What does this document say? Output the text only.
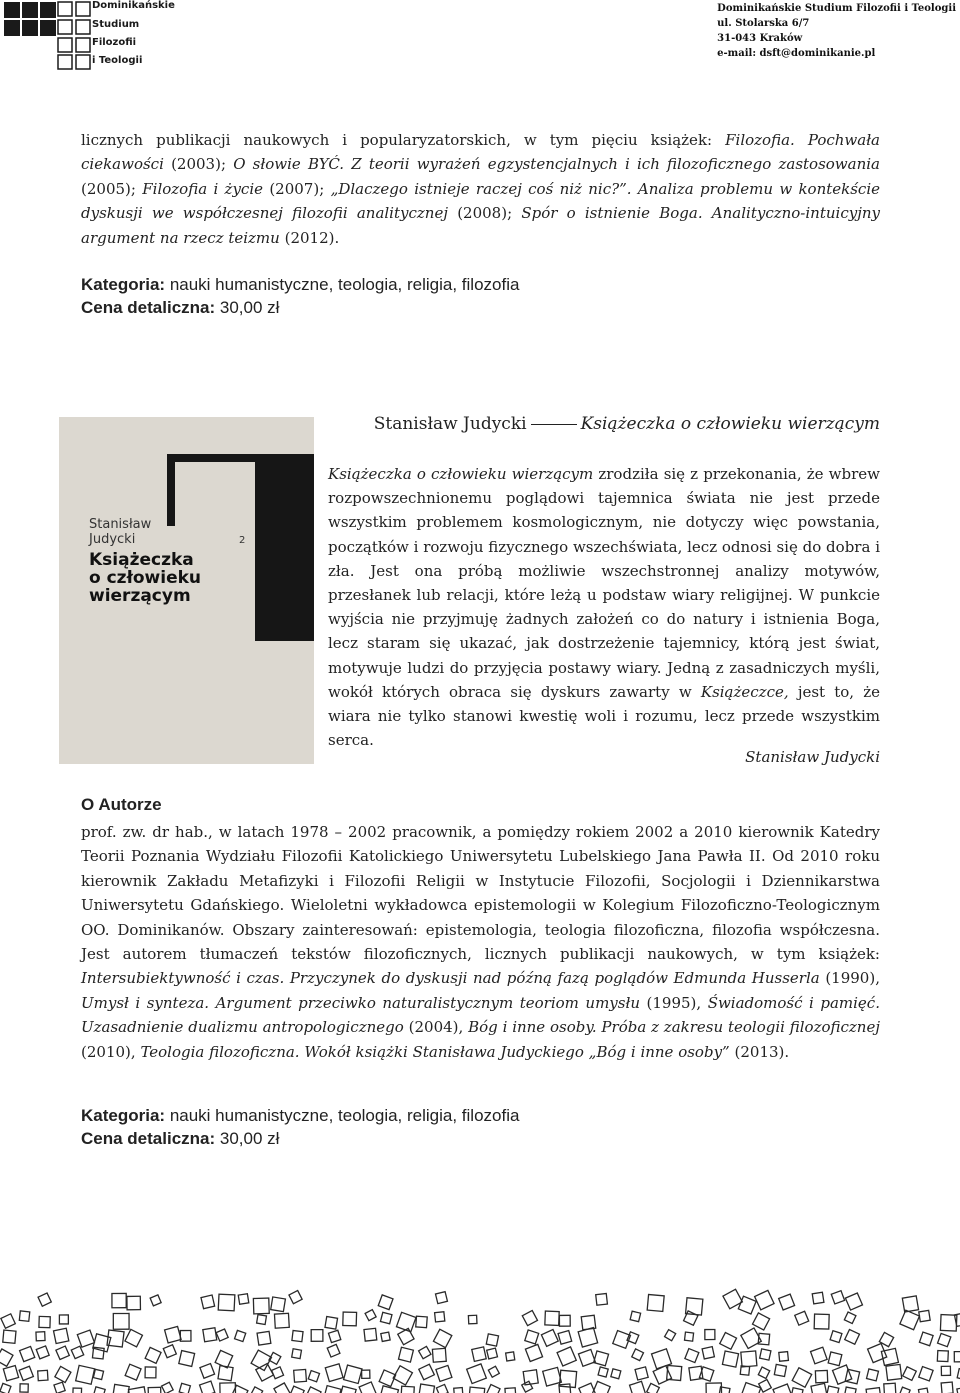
Dominikańskie
Studium
Filozofii
i Teologii
Dominikańskie Studium Filozofii i Teologii
ul. Stolarska 6/7
31-043 Kraków
e-mail: dsft@dominikanie.pl
licznych publikacji naukowych i popularyzatorskich, w tym pięciu książek: Filozofia. Pochwała ciekawości (2003); O słowie BYĆ. Z teorii wyrażeń egzystencjalnych i ich filozoficznego zastosowania (2005); Filozofia i życie (2007); „Dlaczego istnieje raczej coś niż nic?”. Analiza problemu w kontekście dyskusji we współczesnej filozofii analitycznej (2008); Spór o istnienie Boga. Analityczno-intuicyjny argument na rzecz teizmu (2012).
Kategoria: nauki humanistyczne, teologia, religia, filozofia
Cena detaliczna: 30,00 zł
Stanisław
Judycki	2
Książeczka
o człowieku
wierzącym
Stanisław Judycki	Książeczka o człowieku wierzącym
Książeczka o człowieku wierzącym zrodziła się z przekonania, że wbrew rozpowszechnionemu poglądowi tajemnica świata nie jest przede wszystkim problemem kosmologicznym, nie dotyczy więc powstania, początków i rozwoju fizycznego wszechświata, lecz odnosi się do dobra i zła. Jest ona próbą możliwie wszechstronnej analizy motywów, przesłanek lub relacji, które leżą u podstaw wiary religijnej. W punkcie wyjścia nie przyjmuję żadnych założeń co do natury i istnienia Boga, lecz staram się ukazać, jak dostrzeżenie tajemnicy, którą jest świat, motywuje ludzi do przyjęcia postawy wiary. Jedną z zasadniczych myśli, wokół których obraca się dyskurs zawarty w Książeczce, jest to, że wiara nie tylko stanowi kwestię woli i rozumu, lecz przede wszystkim serca.
Stanisław Judycki
O Autorze
prof. zw. dr hab., w latach 1978 – 2002 pracownik, a pomiędzy rokiem 2002 a 2010 kierownik Katedry Teorii Poznania Wydziału Filozofii Katolickiego Uniwersytetu Lubelskiego Jana Pawła II. Od 2010 roku kierownik Zakładu Metafizyki i Filozofii Religii w Instytucie Filozofii, Socjologii i Dziennikarstwa Uniwersytetu Gdańskiego. Wieloletni wykładowca epistemologii w Kolegium Filozoficzno-Teologicznym OO. Dominikanów. Obszary zainteresowań: epistemologia, teologia filozoficzna, filozofia współczesna. Jest autorem tłumaczeń tekstów filozoficznych, licznych publikacji naukowych, w tym książek: Intersubiektywność i czas. Przyczynek do dyskusji nad późną fazą poglądów Edmunda Husserla (1990), Umysł i synteza. Argument przeciwko naturalistycznym teoriom umysłu (1995), Świadomość i pamięć. Uzasadnienie dualizmu antropologicznego (2004), Bóg i inne osoby. Próba z zakresu teologii filozoficznej (2010), Teologia filozoficzna. Wokół książki Stanisława Judyckiego „Bóg i inne osoby” (2013).
Kategoria: nauki humanistyczne, teologia, religia, filozofia
Cena detaliczna: 30,00 zł
